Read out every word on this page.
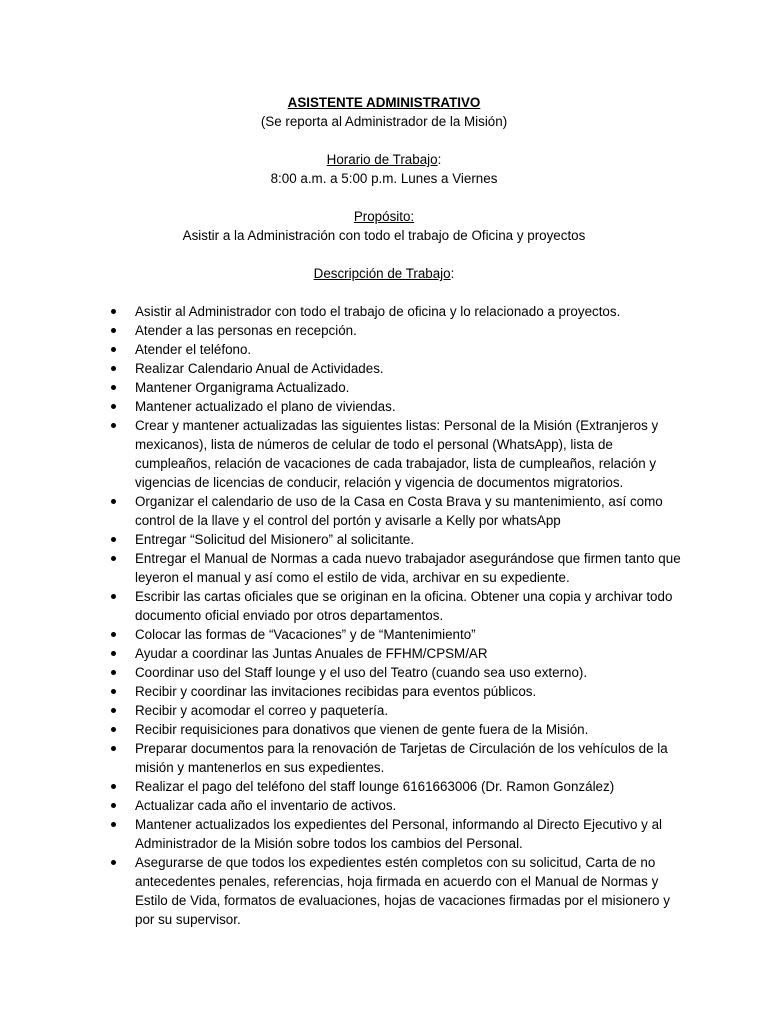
ASISTENTE ADMINISTRATIVO
(Se reporta al Administrador de la Misión)
Horario de Trabajo:
8:00 a.m. a 5:00 p.m. Lunes a Viernes
Propósito:
Asistir a la Administración con todo el trabajo de Oficina y proyectos
Descripción de Trabajo:
Asistir al Administrador con todo el trabajo de oficina y lo relacionado a proyectos.
Atender a las personas en recepción.
Atender el teléfono.
Realizar Calendario Anual de Actividades.
Mantener Organigrama Actualizado.
Mantener actualizado el plano de viviendas.
Crear y mantener actualizadas las siguientes listas: Personal de la Misión (Extranjeros y mexicanos), lista de números de celular de todo el personal (WhatsApp), lista de cumpleaños, relación de vacaciones de cada trabajador, lista de cumpleaños, relación y vigencias de licencias de conducir, relación y vigencia de documentos migratorios.
Organizar el calendario de uso de la Casa en Costa Brava y su mantenimiento, así como control de la llave y el control del portón y avisarle a Kelly por whatsApp
Entregar “Solicitud del Misionero” al solicitante.
Entregar el Manual de Normas a cada nuevo trabajador asegurándose que firmen tanto que leyeron el manual y así como el estilo de vida, archivar en su expediente.
Escribir las cartas oficiales que se originan en la oficina. Obtener una copia y archivar todo documento oficial enviado por otros departamentos.
Colocar las formas de “Vacaciones” y de “Mantenimiento”
Ayudar a coordinar las Juntas Anuales de FFHM/CPSM/AR
Coordinar uso del Staff lounge y el uso del Teatro (cuando sea uso externo).
Recibir y coordinar las invitaciones recibidas para eventos públicos.
Recibir y acomodar el correo y paquetería.
Recibir requisiciones para donativos que vienen de gente fuera de la Misión.
Preparar documentos para la renovación de Tarjetas de Circulación de los vehículos de la misión y mantenerlos en sus expedientes.
Realizar el pago del teléfono del staff lounge 6161663006 (Dr. Ramon González)
Actualizar cada año el inventario de activos.
Mantener actualizados los expedientes del Personal, informando al Directo Ejecutivo y al Administrador de la Misión sobre todos los cambios del Personal.
Asegurarse de que todos los expedientes estén completos con su solicitud, Carta de no antecedentes penales, referencias, hoja firmada en acuerdo con el Manual de Normas y Estilo de Vida, formatos de evaluaciones, hojas de vacaciones firmadas por el misionero y por su supervisor.
